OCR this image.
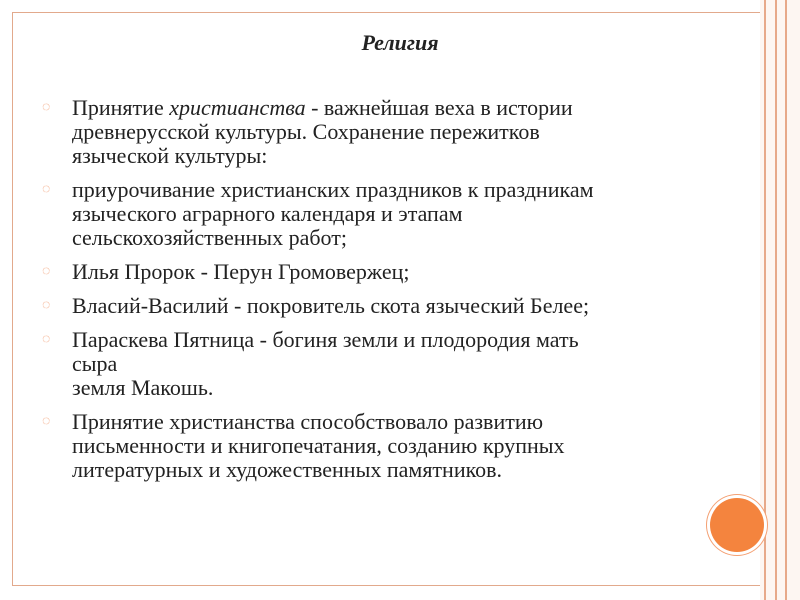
Религия
◌ Принятие христианства - важнейшая веха в истории
древнерусской культуры. Сохранение пережитков
языческой культуры:
◌ приурочивание христианских праздников к праздникам
языческого аграрного календаря и этапам
сельскохозяйственных работ;
◌ Илья Пророк - Перун Громовержец;
◌ Власий-Василий - покровитель скота языческий Белее;
◌ Параскева Пятница - богиня земли и плодородия мать
сыра
земля Макошь.
◌ Принятие христианства способствовало развитию
письменности и книгопечатания, созданию крупных
литературных и художественных памятников.
